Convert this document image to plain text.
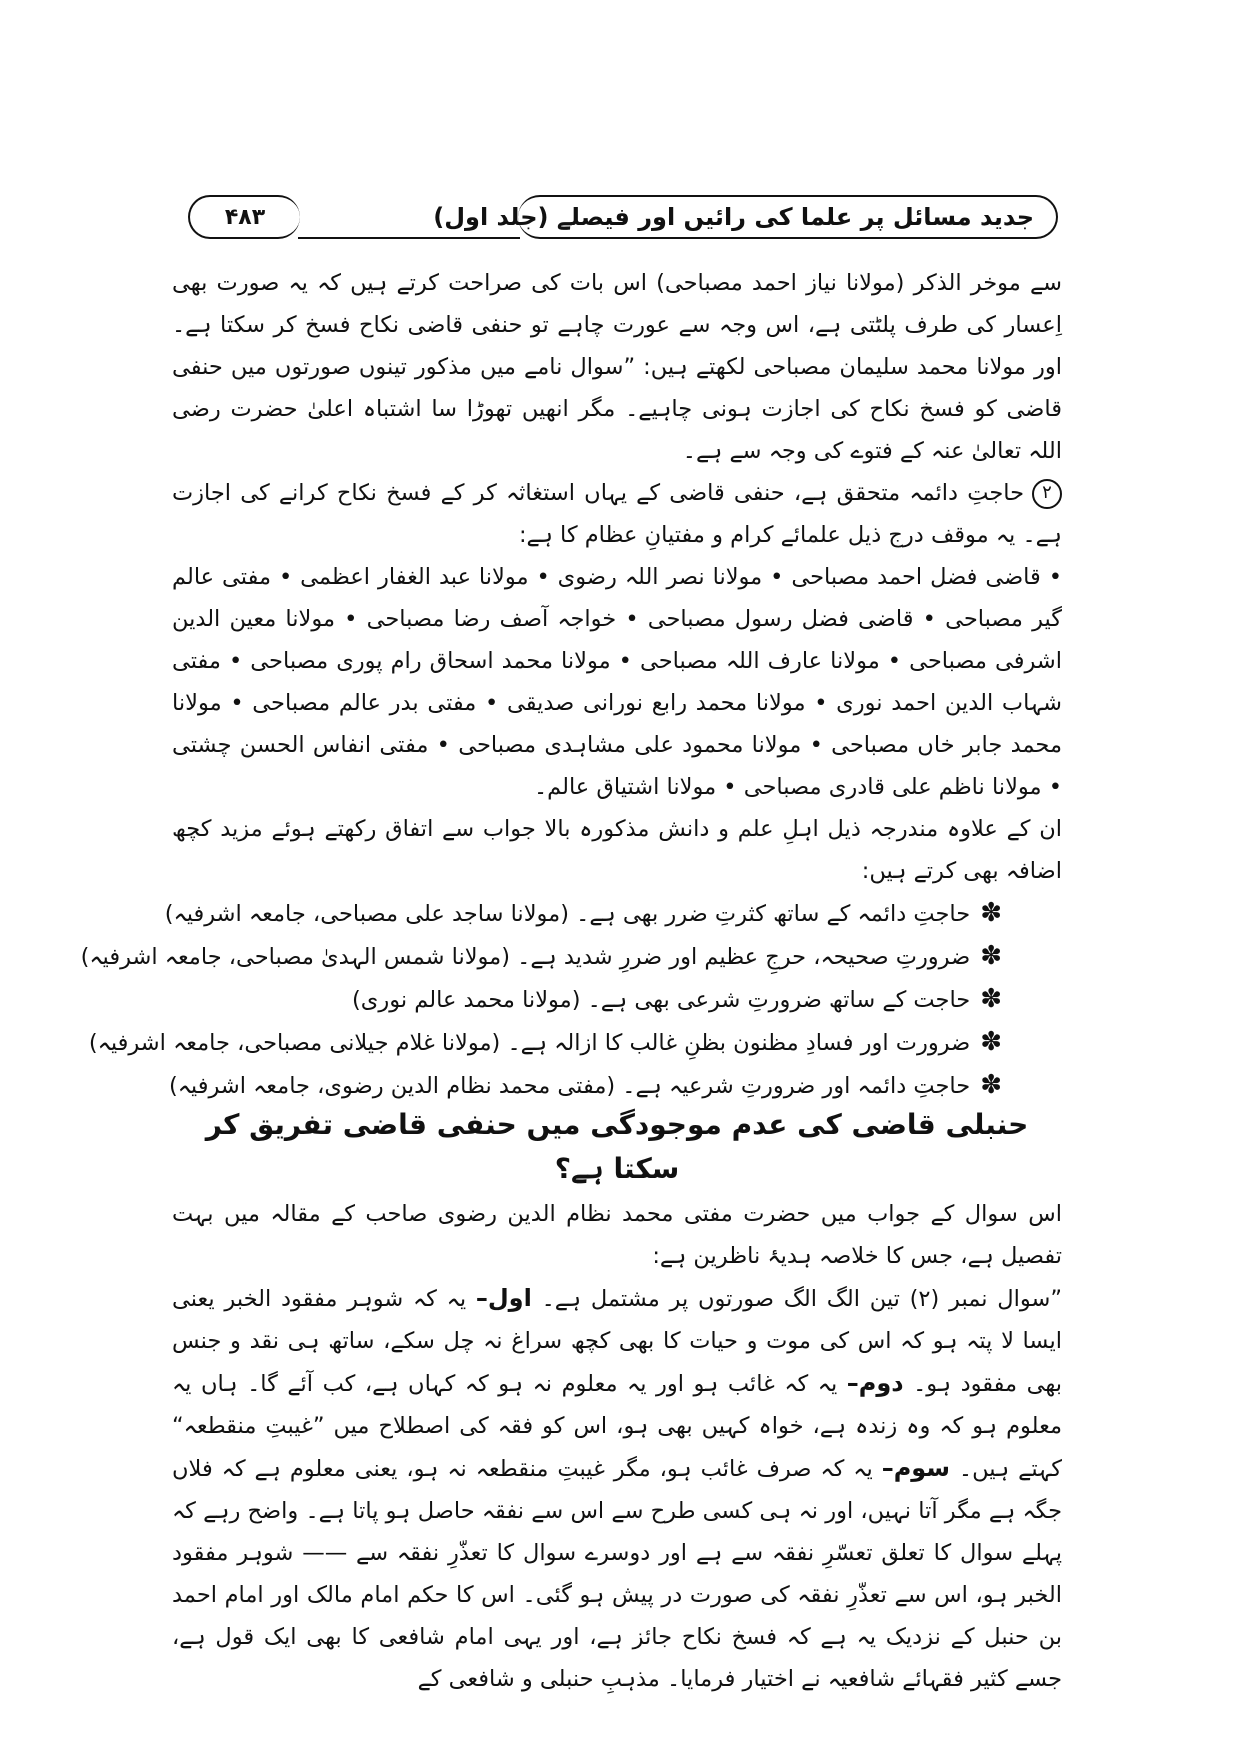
۴۸۳	جدید مسائل پر علما کی رائیں اور فیصلے (جلد اول)

سے موخر الذکر (مولانا نیاز احمد مصباحی) اس بات کی صراحت کرتے ہیں کہ یہ صورت بھی اِعسار کی طرف پلٹتی ہے، اس وجہ سے عورت چاہے تو حنفی قاضی نکاح فسخ کر سکتا ہے۔ اور مولانا محمد سلیمان مصباحی لکھتے ہیں: ”سوال نامے میں مذکور تینوں صورتوں میں حنفی قاضی کو فسخ نکاح کی اجازت ہونی چاہیے۔ مگر انھیں تھوڑا سا اشتباہ اعلیٰ حضرت رضی اللہ تعالیٰ عنہ کے فتوے کی وجہ سے ہے۔

۲حاجتِ دائمہ متحقق ہے، حنفی قاضی کے یہاں استغاثہ کر کے فسخ نکاح کرانے کی اجازت ہے۔ یہ موقف درج ذیل علمائے کرام و مفتیانِ عظام کا ہے:

• قاضی فضل احمد مصباحی • مولانا نصر اللہ رضوی • مولانا عبد الغفار اعظمی • مفتی عالم گیر مصباحی • قاضی فضل رسول مصباحی • خواجہ آصف رضا مصباحی • مولانا معین الدین اشرفی مصباحی • مولانا عارف اللہ مصباحی • مولانا محمد اسحاق رام پوری مصباحی • مفتی شہاب الدین احمد نوری • مولانا محمد رابع نورانی صدیقی • مفتی بدر عالم مصباحی • مولانا محمد جابر خاں مصباحی • مولانا محمود علی مشاہدی مصباحی • مفتی انفاس الحسن چشتی • مولانا ناظم علی قادری مصباحی • مولانا اشتیاق عالم۔

ان کے علاوہ مندرجہ ذیل اہلِ علم و دانش مذکورہ بالا جواب سے اتفاق رکھتے ہوئے مزید کچھ اضافہ بھی کرتے ہیں:

✽حاجتِ دائمہ کے ساتھ کثرتِ ضرر بھی ہے۔ (مولانا ساجد علی مصباحی، جامعہ اشرفیہ)
✽ضرورتِ صحیحہ، حرجِ عظیم اور ضررِ شدید ہے۔ (مولانا شمس الہدیٰ مصباحی، جامعہ اشرفیہ)
✽حاجت کے ساتھ ضرورتِ شرعی بھی ہے۔ (مولانا محمد عالم نوری)
✽ضرورت اور فسادِ مظنون بظنِ غالب کا ازالہ ہے۔ (مولانا غلام جیلانی مصباحی، جامعہ اشرفیہ)
✽حاجتِ دائمہ اور ضرورتِ شرعیہ ہے۔ (مفتی محمد نظام الدین رضوی، جامعہ اشرفیہ)
حنبلی قاضی کی عدم موجودگی میں حنفی قاضی تفریق کر سکتا ہے؟

اس سوال کے جواب میں حضرت مفتی محمد نظام الدین رضوی صاحب کے مقالہ میں بہت تفصیل ہے، جس کا خلاصہ ہدیۂ ناظرین ہے:

”سوال نمبر (۲) تین الگ الگ صورتوں پر مشتمل ہے۔ اول– یہ کہ شوہر مفقود الخبر یعنی ایسا لا پتہ ہو کہ اس کی موت و حیات کا بھی کچھ سراغ نہ چل سکے، ساتھ ہی نقد و جنس بھی مفقود ہو۔ دوم– یہ کہ غائب ہو اور یہ معلوم نہ ہو کہ کہاں ہے، کب آئے گا۔ ہاں یہ معلوم ہو کہ وہ زندہ ہے، خواہ کہیں بھی ہو، اس کو فقہ کی اصطلاح میں ”غیبتِ منقطعہ“ کہتے ہیں۔ سوم– یہ کہ صرف غائب ہو، مگر غیبتِ منقطعہ نہ ہو، یعنی معلوم ہے کہ فلاں جگہ ہے مگر آتا نہیں، اور نہ ہی کسی طرح سے اس سے نفقہ حاصل ہو پاتا ہے۔ واضح رہے کہ پہلے سوال کا تعلق تعسّرِ نفقہ سے ہے اور دوسرے سوال کا تعذّرِ نفقہ سے —— شوہر مفقود الخبر ہو، اس سے تعذّرِ نفقہ کی صورت در پیش ہو گئی۔ اس کا حکم امام مالک اور امام احمد بن حنبل کے نزدیک یہ ہے کہ فسخ نکاح جائز ہے، اور یہی امام شافعی کا بھی ایک قول ہے، جسے کثیر فقہائے شافعیہ نے اختیار فرمایا۔ مذہبِ حنبلی و شافعی کے
